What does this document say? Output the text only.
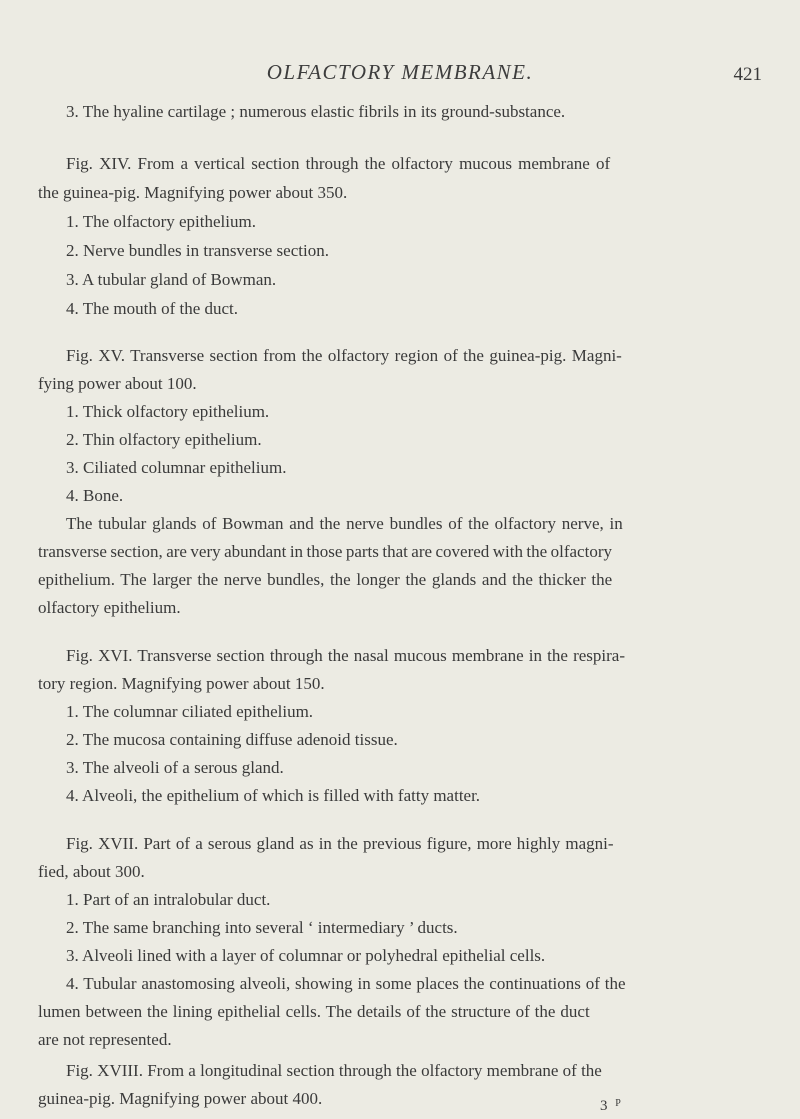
OLFACTORY MEMBRANE.	421
3. The hyaline cartilage ; numerous elastic fibrils in its ground-substance.
Fig. XIV. From a vertical section through the olfactory mucous membrane of
the guinea-pig. Magnifying power about 350.
1. The olfactory epithelium.
2. Nerve bundles in transverse section.
3. A tubular gland of Bowman.
4. The mouth of the duct.
Fig. XV. Transverse section from the olfactory region of the guinea-pig. Magni-
fying power about 100.
1. Thick olfactory epithelium.
2. Thin olfactory epithelium.
3. Ciliated columnar epithelium.
4. Bone.
The tubular glands of Bowman and the nerve bundles of the olfactory nerve, in
transverse section, are very abundant in those parts that are covered with the olfactory
epithelium. The larger the nerve bundles, the longer the glands and the thicker the
olfactory epithelium.
Fig. XVI. Transverse section through the nasal mucous membrane in the respira-
tory region. Magnifying power about 150.
1. The columnar ciliated epithelium.
2. The mucosa containing diffuse adenoid tissue.
3. The alveoli of a serous gland.
4. Alveoli, the epithelium of which is filled with fatty matter.
Fig. XVII. Part of a serous gland as in the previous figure, more highly magni-
fied, about 300.
1. Part of an intralobular duct.
2. The same branching into several ‘ intermediary ’ ducts.
3. Alveoli lined with a layer of columnar or polyhedral epithelial cells.
4. Tubular anastomosing alveoli, showing in some places the continuations of the
lumen between the lining epithelial cells. The details of the structure of the duct
are not represented.
Fig. XVIII. From a longitudinal section through the olfactory membrane of the
guinea-pig. Magnifying power about 400.	3 $^P$
